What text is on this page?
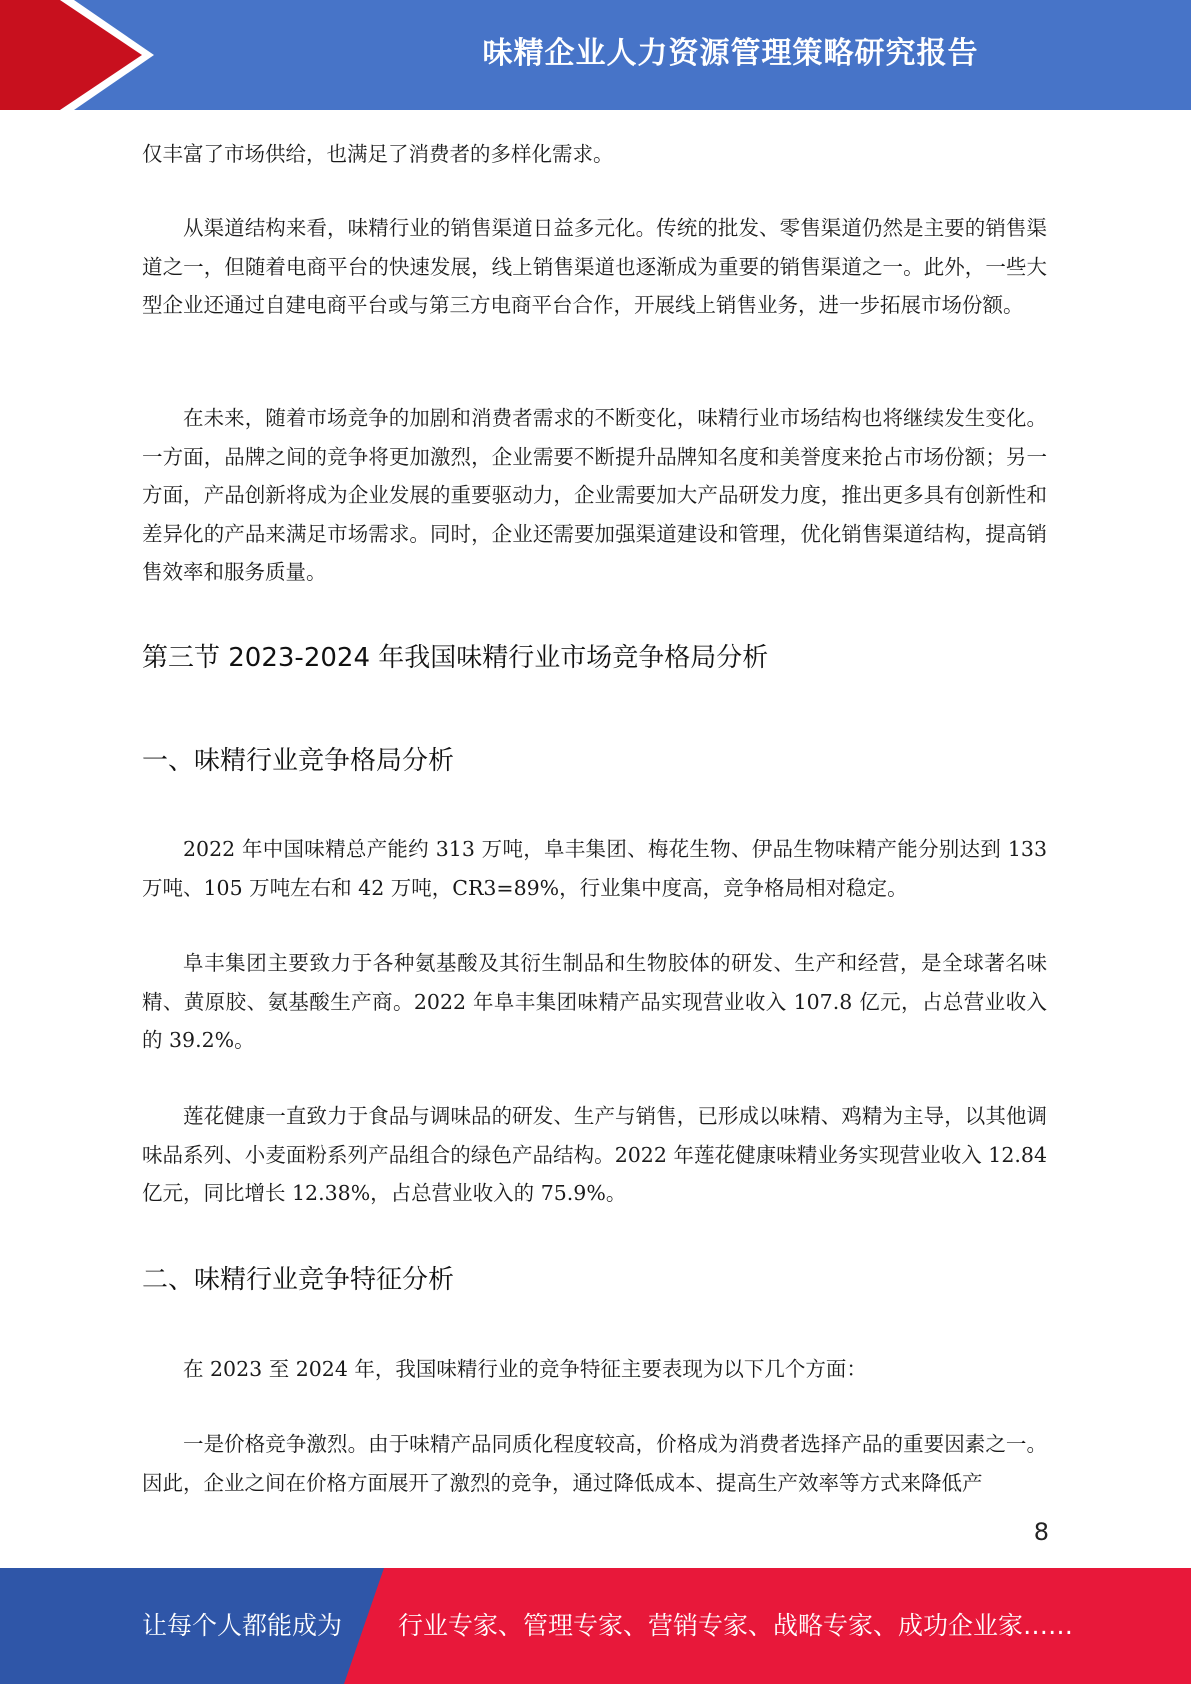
味精企业人力资源管理策略研究报告

仅丰富了市场供给，也满足了消费者的多样化需求。

从渠道结构来看，味精行业的销售渠道日益多元化。传统的批发、零售渠道仍然是主要的销售渠道之一，但随着电商平台的快速发展，线上销售渠道也逐渐成为重要的销售渠道之一。此外，一些大型企业还通过自建电商平台或与第三方电商平台合作，开展线上销售业务，进一步拓展市场份额。

在未来，随着市场竞争的加剧和消费者需求的不断变化，味精行业市场结构也将继续发生变化。一方面，品牌之间的竞争将更加激烈，企业需要不断提升品牌知名度和美誉度来抢占市场份额；另一方面，产品创新将成为企业发展的重要驱动力，企业需要加大产品研发力度，推出更多具有创新性和差异化的产品来满足市场需求。同时，企业还需要加强渠道建设和管理，优化销售渠道结构，提高销售效率和服务质量。

第三节 2023-2024 年我国味精行业市场竞争格局分析
一、味精行业竞争格局分析

2022 年中国味精总产能约 313 万吨，阜丰集团、梅花生物、伊品生物味精产能分别达到 133 万吨、105 万吨左右和 42 万吨，CR3=89%，行业集中度高，竞争格局相对稳定。

阜丰集团主要致力于各种氨基酸及其衍生制品和生物胶体的研发、生产和经营，是全球著名味精、黄原胶、氨基酸生产商。2022 年阜丰集团味精产品实现营业收入 107.8 亿元，占总营业收入的 39.2%。

莲花健康一直致力于食品与调味品的研发、生产与销售，已形成以味精、鸡精为主导，以其他调味品系列、小麦面粉系列产品组合的绿色产品结构。2022 年莲花健康味精业务实现营业收入 12.84 亿元，同比增长 12.38%，占总营业收入的 75.9%。

二、味精行业竞争特征分析

在 2023 至 2024 年，我国味精行业的竞争特征主要表现为以下几个方面：

一是价格竞争激烈。由于味精产品同质化程度较高，价格成为消费者选择产品的重要因素之一。因此，企业之间在价格方面展开了激烈的竞争，通过降低成本、提高生产效率等方式来降低产

8
让每个人都能成为 行业专家、管理专家、营销专家、战略专家、成功企业家……
